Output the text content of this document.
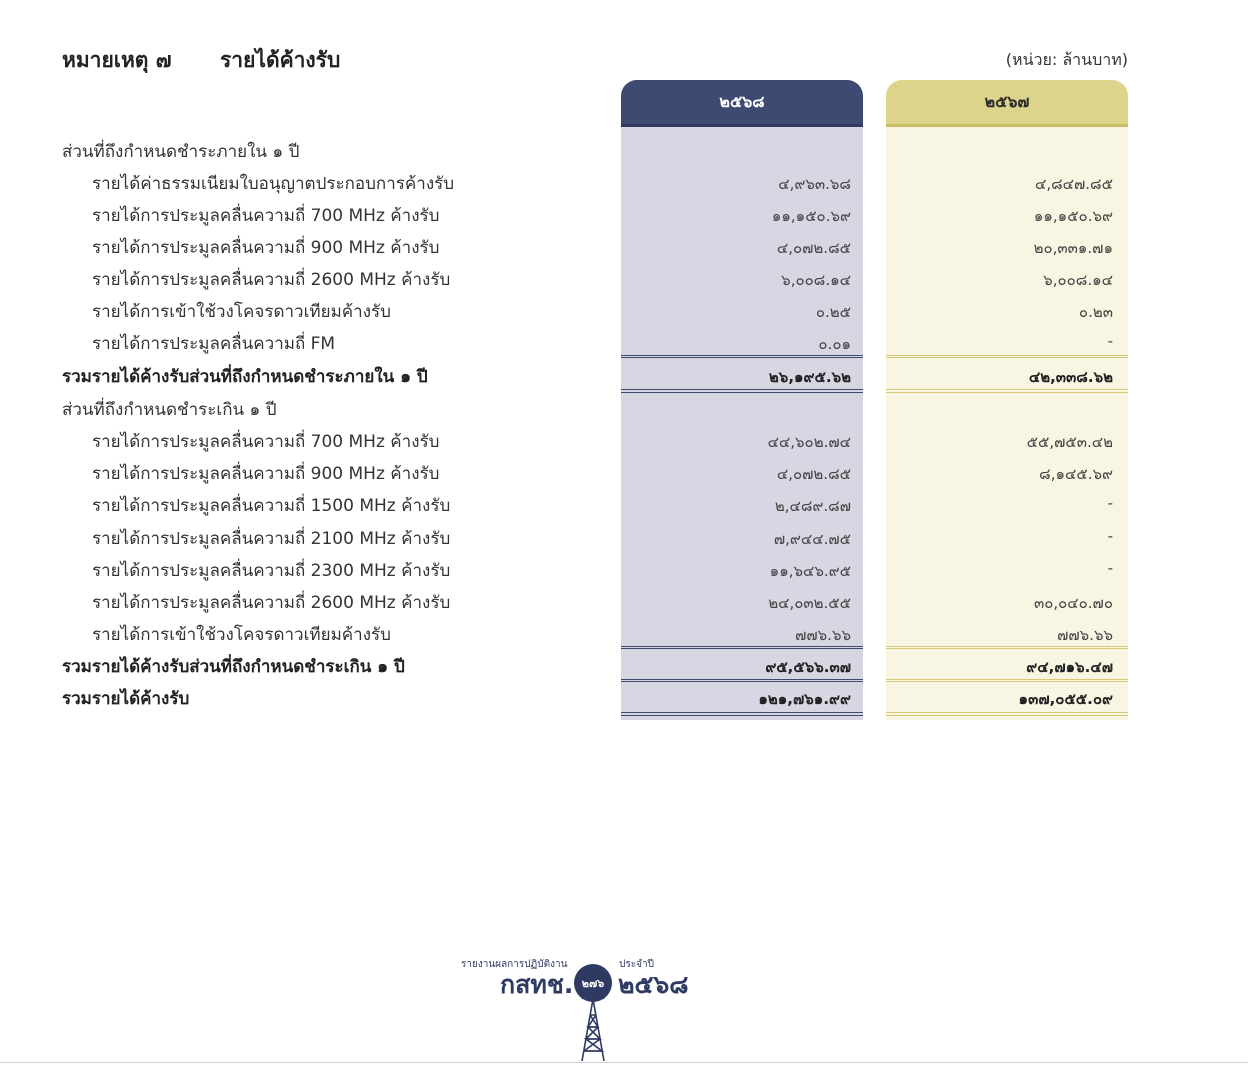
หมายเหตุ ๗ รายได้ค้างรับ	(หน่วย: ล้านบาท)
๒๕๖๘	๒๕๖๗
ส่วนที่ถึงกำหนดชำระภายใน ๑ ปี
รายได้ค่าธรรมเนียมใบอนุญาตประกอบการค้างรับ	๔,๙๖๓.๖๘	๔,๘๔๗.๘๕
รายได้การประมูลคลื่นความถี่ 700 MHz ค้างรับ	๑๑,๑๕๐.๖๙	๑๑,๑๕๐.๖๙
รายได้การประมูลคลื่นความถี่ 900 MHz ค้างรับ	๔,๐๗๒.๘๕	๒๐,๓๓๑.๗๑
รายได้การประมูลคลื่นความถี่ 2600 MHz ค้างรับ	๖,๐๐๘.๑๔	๖,๐๐๘.๑๔
รายได้การเข้าใช้วงโคจรดาวเทียมค้างรับ	๐.๒๕	๐.๒๓
รายได้การประมูลคลื่นความถี่ FM	๐.๐๑	-
รวมรายได้ค้างรับส่วนที่ถึงกำหนดชำระภายใน ๑ ปี	๒๖,๑๙๕.๖๒	๔๒,๓๓๘.๖๒
ส่วนที่ถึงกำหนดชำระเกิน ๑ ปี
รายได้การประมูลคลื่นความถี่ 700 MHz ค้างรับ	๔๔,๖๐๒.๗๔	๕๕,๗๕๓.๔๒
รายได้การประมูลคลื่นความถี่ 900 MHz ค้างรับ	๔,๐๗๒.๘๕	๘,๑๔๕.๖๙
รายได้การประมูลคลื่นความถี่ 1500 MHz ค้างรับ	๒,๔๘๙.๘๗	-
รายได้การประมูลคลื่นความถี่ 2100 MHz ค้างรับ	๗,๙๔๔.๗๕	-
รายได้การประมูลคลื่นความถี่ 2300 MHz ค้างรับ	๑๑,๖๔๖.๙๕	-
รายได้การประมูลคลื่นความถี่ 2600 MHz ค้างรับ	๒๔,๐๓๒.๕๕	๓๐,๐๔๐.๗๐
รายได้การเข้าใช้วงโคจรดาวเทียมค้างรับ	๗๗๖.๖๖	๗๗๖.๖๖
รวมรายได้ค้างรับส่วนที่ถึงกำหนดชำระเกิน ๑ ปี	๙๕,๕๖๖.๓๗	๙๔,๗๑๖.๔๗
รวมรายได้ค้างรับ	๑๒๑,๗๖๑.๙๙	๑๓๗,๐๕๕.๐๙
รายงานผลการปฏิบัติงาน	ประจำปี
กสทช. ๒๗๖ ๒๕๖๘
